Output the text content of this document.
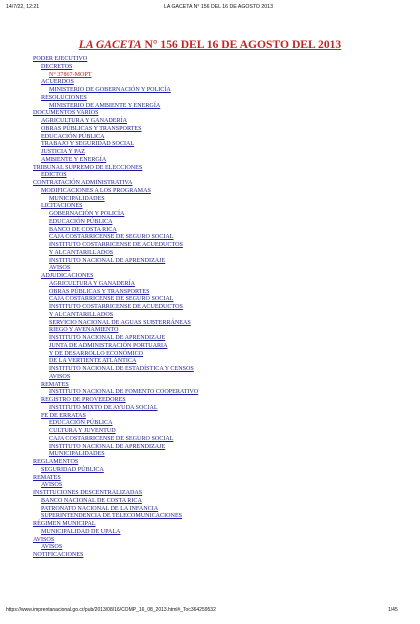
14/7/22, 12:21	LA GACETA N° 156 DEL 16 DE AGOSTO 2013
LA GACETA N° 156 DEL 16 DE AGOSTO DEL 2013
PODER EJECUTIVO
DECRETOS
N° 37867-MOPT
ACUERDOS
MINISTERIO DE GOBERNACIÓN Y POLICÍA
RESOLUCIONES
MINISTERIO DE AMBIENTE Y ENERGÍA
DOCUMENTOS VARIOS
AGRICULTURA Y GANADERÍA
OBRAS PÚBLICAS Y TRANSPORTES
EDUCACIÓN PÚBLICA
TRABAJO Y SEGURIDAD SOCIAL
JUSTICIA Y PAZ
AMBIENTE Y ENERGÍA
TRIBUNAL SUPREMO DE ELECCIONES
EDICTOS
CONTRATACIÓN ADMINISTRATIVA
MODIFICACIONES A LOS PROGRAMAS
MUNICIPALIDADES
LICITACIONES
GOBERNACIÓN Y POLICÍA
EDUCACIÓN PÚBLICA
BANCO DE COSTA RICA
CAJA COSTARRICENSE DE SEGURO SOCIAL
INSTITUTO COSTARRICENSE DE ACUEDUCTOS
Y ALCANTARILLADOS
INSTITUTO NACIONAL DE APRENDIZAJE
AVISOS
ADJUDICACIONES
AGRICULTURA Y GANADERÍA
OBRAS PÚBLICAS Y TRANSPORTES
CAJA COSTARRICENSE DE SEGURO SOCIAL
INSTITUTO COSTARRICENSE DE ACUEDUCTOS
Y ALCANTARILLADOS
SERVICIO NACIONAL DE AGUAS SUBTERRÁNEAS
RIEGO Y AVENAMIENTO
INSTITUTO NACIONAL DE APRENDIZAJE
JUNTA DE ADMINISTRACIÓN PORTUARIA
Y DE DESARROLLO ECONÓMICO
DE LA VERTIENTE ATLÁNTICA
INSTITUTO NACIONAL DE ESTADÍSTICA Y CENSOS
AVISOS
REMATES
INSTITUTO NACIONAL DE FOMENTO COOPERATIVO
REGISTRO DE PROVEEDORES
INSTITUTO MIXTO DE AYUDA SOCIAL
FE DE ERRATAS
EDUCACIÓN PÚBLICA
CULTURA Y JUVENTUD
CAJA COSTARRICENSE DE SEGURO SOCIAL
INSTITUTO NACIONAL DE APRENDIZAJE
MUNICIPALIDADES
REGLAMENTOS
SEGURIDAD PÚBLICA
REMATES
AVISOS
INSTITUCIONES DESCENTRALIZADAS
BANCO NACIONAL DE COSTA RICA
PATRONATO NACIONAL DE LA INFANCIA
SUPERINTENDENCIA DE TELECOMUNICACIONES
RÉGIMEN MUNICIPAL
MUNICIPALIDAD DE UPALA
AVISOS
AVISOS
NOTIFICACIONES
https://www.imprentanacional.go.cr/pub/2013/08/16/COMP_16_08_2013.html#_Toc364259532	1/45
